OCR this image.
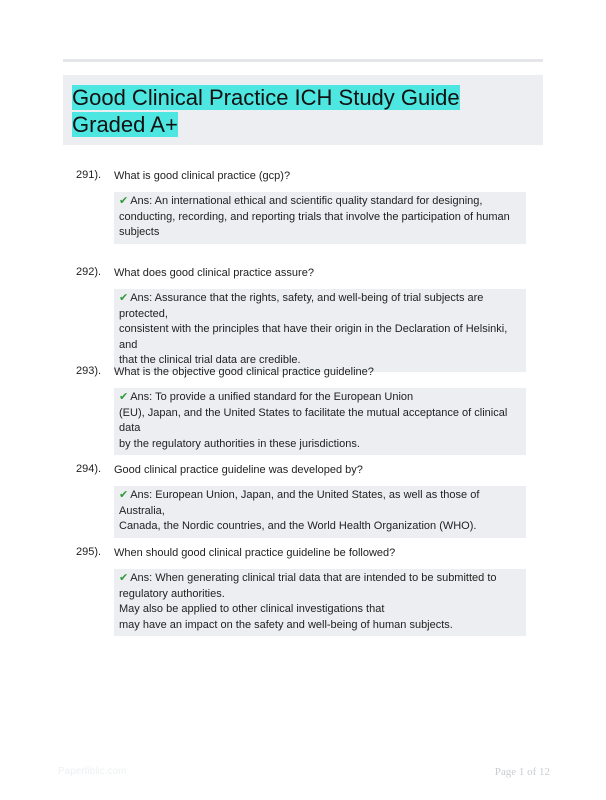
Good Clinical Practice ICH Study Guide Graded A+
291). What is good clinical practice (gcp)?
✔ Ans: An international ethical and scientific quality standard for designing,
conducting, recording, and reporting trials that involve the participation of human
subjects
292). What does good clinical practice assure?
✔ Ans: Assurance that the rights, safety, and well-being of trial subjects are protected,
consistent with the principles that have their origin in the Declaration of Helsinki, and
that the clinical trial data are credible.
293). What is the objective good clinical practice guideline?
✔ Ans: To provide a unified standard for the European Union
(EU), Japan, and the United States to facilitate the mutual acceptance of clinical data
by the regulatory authorities in these jurisdictions.
294). Good clinical practice guideline was developed by?
✔ Ans: European Union, Japan, and the United States, as well as those of Australia,
Canada, the Nordic countries, and the World Health Organization (WHO).
295). When should good clinical practice guideline be followed?
✔ Ans: When generating clinical trial data that are intended to be submitted to
regulatory authorities.
May also be applied to other clinical investigations that
may have an impact on the safety and well-being of human subjects.
Paperfiblic.com	Page 1 of 12
